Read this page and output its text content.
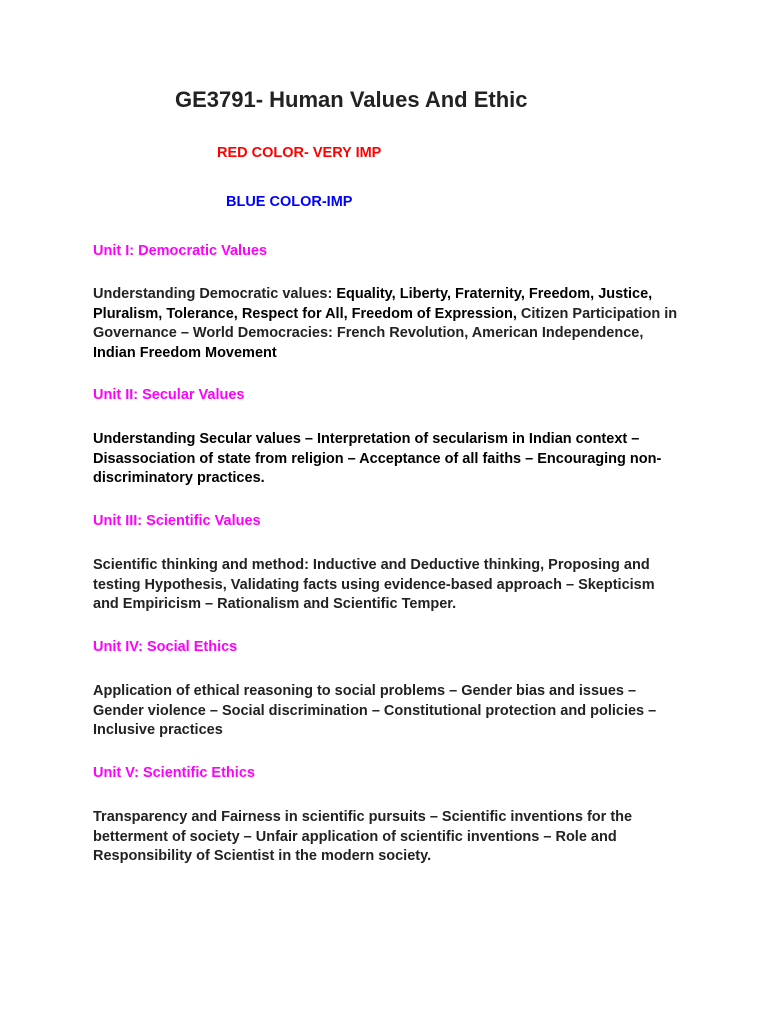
GE3791- Human Values And Ethic
RED COLOR- VERY IMP
BLUE COLOR-IMP
Unit I: Democratic Values

Understanding Democratic values: Equality, Liberty, Fraternity, Freedom, Justice, Pluralism, Tolerance, Respect for All, Freedom of Expression, Citizen Participation in Governance – World Democracies: French Revolution, American Independence, Indian Freedom Movement

Unit II: Secular Values

Understanding Secular values – Interpretation of secularism in Indian context – Disassociation of state from religion – Acceptance of all faiths – Encouraging non-discriminatory practices.

Unit III: Scientific Values

Scientific thinking and method: Inductive and Deductive thinking, Proposing and testing Hypothesis, Validating facts using evidence-based approach – Skepticism and Empiricism – Rationalism and Scientific Temper.

Unit IV: Social Ethics

Application of ethical reasoning to social problems – Gender bias and issues – Gender violence – Social discrimination – Constitutional protection and policies – Inclusive practices

Unit V: Scientific Ethics

Transparency and Fairness in scientific pursuits – Scientific inventions for the betterment of society – Unfair application of scientific inventions – Role and Responsibility of Scientist in the modern society.
